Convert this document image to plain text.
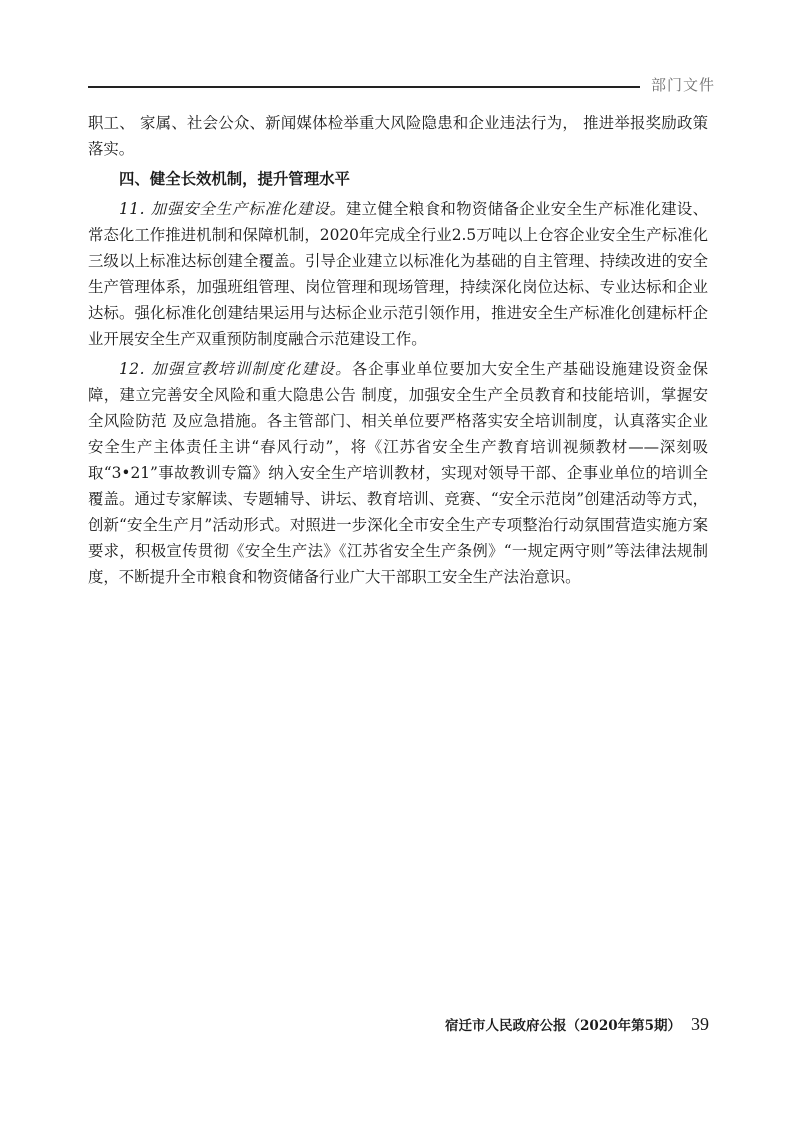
部门文件

职工、 家属、社会公众、新闻媒体检举重大风险隐患和企业违法行为， 推进举报奖励政策落实。

四、健全长效机制，提升管理水平

11. 加强安全生产标准化建设。建立健全粮食和物资储备企业安全生产标准化建设、常态化工作推进机制和保障机制，2020年完成全行业2.5万吨以上仓容企业安全生产标准化三级以上标准达标创建全覆盖。引导企业建立以标准化为基础的自主管理、持续改进的安全生产管理体系，加强班组管理、岗位管理和现场管理，持续深化岗位达标、专业达标和企业达标。强化标准化创建结果运用与达标企业示范引领作用，推进安全生产标准化创建标杆企业开展安全生产双重预防制度融合示范建设工作。

12. 加强宣教培训制度化建设。各企事业单位要加大安全生产基础设施建设资金保障，建立完善安全风险和重大隐患公告 制度，加强安全生产全员教育和技能培训，掌握安全风险防范 及应急措施。各主管部门、相关单位要严格落实安全培训制度，认真落实企业安全生产主体责任主讲“春风行动”，将《江苏省安全生产教育培训视频教材——深刻吸取“3•21”事故教训专篇》纳入安全生产培训教材，实现对领导干部、企事业单位的培训全覆盖。通过专家解读、专题辅导、讲坛、教育培训、竞赛、“安全示范岗”创建活动等方式，创新“安全生产月”活动形式。对照进一步深化全市安全生产专项整治行动氛围营造实施方案要求，积极宣传贯彻《安全生产法》《江苏省安全生产条例》“一规定两守则”等法律法规制度，不断提升全市粮食和物资储备行业广大干部职工安全生产法治意识。

宿迁市人民政府公报（2020年第5期） 39
